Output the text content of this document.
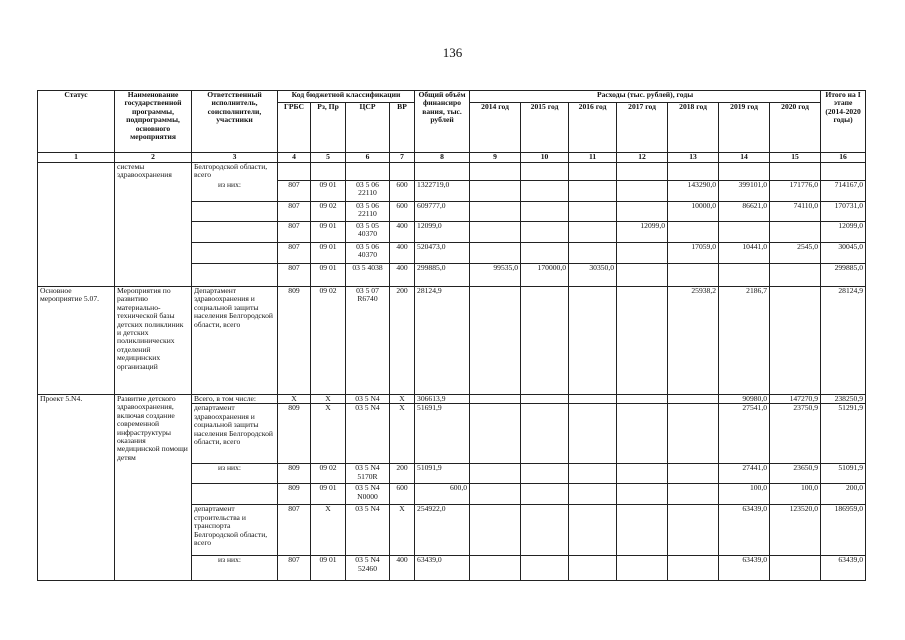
136
Статус	Наименование государственной программы, подпрограммы, основного мероприятия	Ответственный исполнитель, соисполнители, участники	Код бюджетной классификации				Общий объём финансиро вания, тыс. рублей	Расходы (тыс. рублей), годы							Итого на I этапе (2014-2020 годы)
			ГРБС	Рз, Пр	ЦСР	ВР		2014 год	2015 год	2016 год	2017 год	2018 год	2019 год	2020 год	
1	2	3	4	5	6	7	8	9	10	11	12	13	14	15	16
	системы здравоохранения	Белгородской области, всего													
		из них:	807	09 01	03 5 06 22110	600	1322719,0					143290,0	399101,0	171776,0	714167,0
			807	09 02	03 5 06 22110	600	609777,0					10000,0	86621,0	74110,0	170731,0
			807	09 01	03 5 05 40370	400	12099,0				12099,0				12099,0
			807	09 01	03 5 06 40370	400	520473,0					17059,0	10441,0	2545,0	30045,0
			807	09 01	03 5 4038	400	299885,0	99535,0	170000,0	30350,0					299885,0
Основное мероприятие 5.07.	Мероприятия по развитию материально-технической базы детских поликлиник и детских поликлинических отделений медицинских организаций	Департамент здравоохранения и социальной защиты населения Белгородской области, всего	809	09 02	03 5 07 R6740	200	28124,9					25938,2	2186,7		28124,9
Проект 5.N4.	Развитие детского здравоохранения, включая создание современной инфраструктуры оказания медицинской помощи детям	Всего, в том числе:	X	X	03 5 N4	X	306613,9						90980,0	147270,9	238250,9
		департамент здравоохранения и социальной защиты населения Белгородской области, всего	809	X	03 5 N4	X	51691,9						27541,0	23750,9	51291,9
		из них:	809	09 02	03 5 N4 5170R	200	51091,9						27441,0	23650,9	51091,9
			809	09 01	03 5 N4 N0000	600	600,0						100,0	100,0	200,0
		департамент строительства и транспорта Белгородской области, всего	807	X	03 5 N4	X	254922,0						63439,0	123520,0	186959,0
		из них:	807	09 01	03 5 N4 52460	400	63439,0						63439,0		63439,0
